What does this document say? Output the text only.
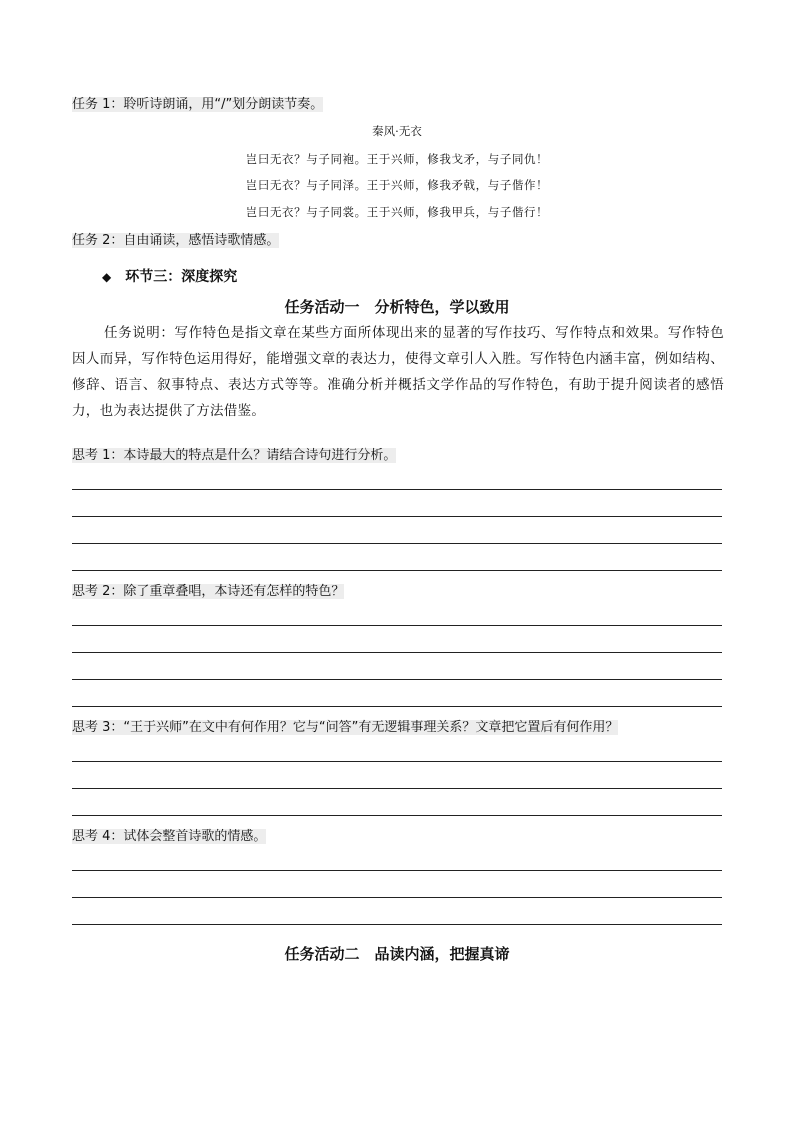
任务 1：聆听诗朗诵，用“/”划分朗读节奏。
秦风·无衣
岂曰无衣？与子同袍。王于兴师，修我戈矛，与子同仇！
岂曰无衣？与子同泽。王于兴师，修我矛戟，与子偕作！
岂曰无衣？与子同裳。王于兴师，修我甲兵，与子偕行！
任务 2：自由诵读，感悟诗歌情感。
◆ 环节三：深度探究
任务活动一　分析特色，学以致用
任务说明：写作特色是指文章在某些方面所体现出来的显著的写作技巧、写作特点和效果。写作特色因人而异，写作特色运用得好，能增强文章的表达力，使得文章引人入胜。写作特色内涵丰富，例如结构、修辞、语言、叙事特点、表达方式等等。准确分析并概括文学作品的写作特色，有助于提升阅读者的感悟力，也为表达提供了方法借鉴。
思考 1：本诗最大的特点是什么？请结合诗句进行分析。
思考 2：除了重章叠唱，本诗还有怎样的特色？
思考 3：“王于兴师”在文中有何作用？它与“问答”有无逻辑事理关系？文章把它置后有何作用？
思考 4：试体会整首诗歌的情感。
任务活动二　品读内涵，把握真谛
